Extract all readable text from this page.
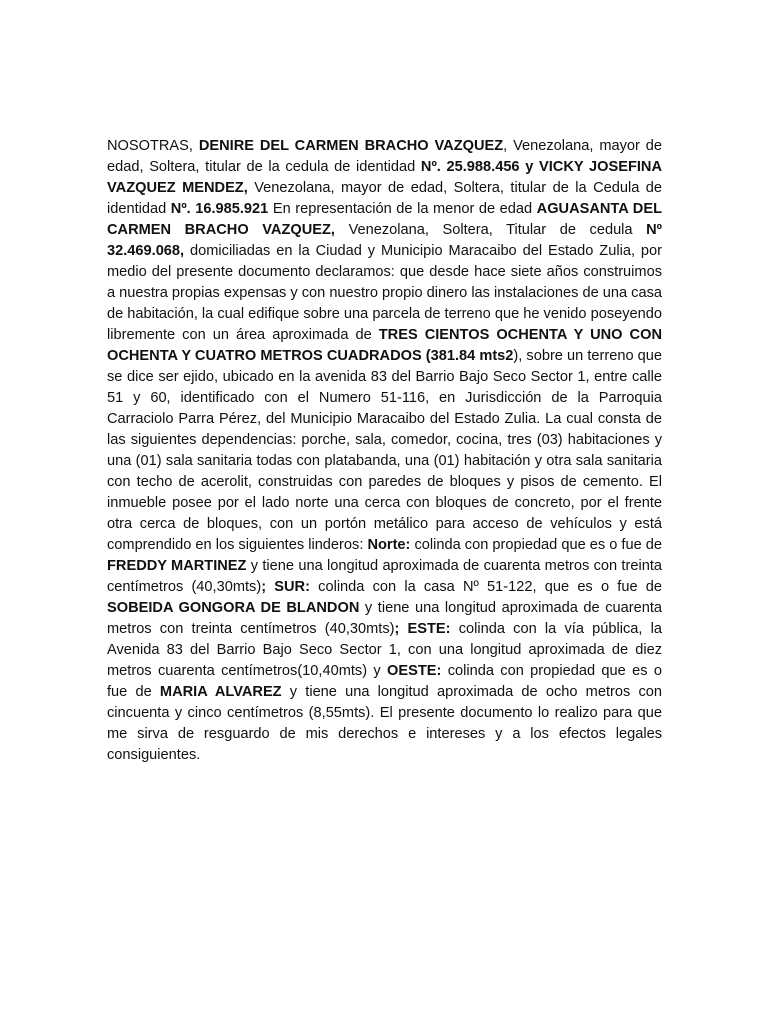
NOSOTRAS, DENIRE DEL CARMEN BRACHO VAZQUEZ, Venezolana, mayor de edad, Soltera, titular de la cedula de identidad Nº. 25.988.456 y VICKY JOSEFINA VAZQUEZ MENDEZ, Venezolana, mayor de edad, Soltera, titular de la Cedula de identidad Nº. 16.985.921 En representación de la menor de edad AGUASANTA DEL CARMEN BRACHO VAZQUEZ, Venezolana, Soltera, Titular de cedula Nº 32.469.068, domiciliadas en la Ciudad y Municipio Maracaibo del Estado Zulia, por medio del presente documento declaramos: que desde hace siete años construimos a nuestra propias expensas y con nuestro propio dinero las instalaciones de una casa de habitación, la cual edifique sobre una parcela de terreno que he venido poseyendo libremente con un área aproximada de TRES CIENTOS OCHENTA Y UNO CON OCHENTA Y CUATRO METROS CUADRADOS (381.84 mts2), sobre un terreno que se dice ser ejido, ubicado en la avenida 83 del Barrio Bajo Seco Sector 1, entre calle 51 y 60, identificado con el Numero 51-116, en Jurisdicción de la Parroquia Carraciolo Parra Pérez, del Municipio Maracaibo del Estado Zulia. La cual consta de las siguientes dependencias: porche, sala, comedor, cocina, tres (03) habitaciones y una (01) sala sanitaria todas con platabanda, una (01) habitación y otra sala sanitaria con techo de acerolit, construidas con paredes de bloques y pisos de cemento. El inmueble posee por el lado norte una cerca con bloques de concreto, por el frente otra cerca de bloques, con un portón metálico para acceso de vehículos y está comprendido en los siguientes linderos: Norte: colinda con propiedad que es o fue de FREDDY MARTINEZ y tiene una longitud aproximada de cuarenta metros con treinta centímetros (40,30mts); SUR: colinda con la casa Nº 51-122, que es o fue de SOBEIDA GONGORA DE BLANDON y tiene una longitud aproximada de cuarenta metros con treinta centímetros (40,30mts); ESTE: colinda con la vía pública, la Avenida 83 del Barrio Bajo Seco Sector 1, con una longitud aproximada de diez metros cuarenta centímetros(10,40mts) y OESTE: colinda con propiedad que es o fue de MARIA ALVAREZ y tiene una longitud aproximada de ocho metros con cincuenta y cinco centímetros (8,55mts). El presente documento lo realizo para que me sirva de resguardo de mis derechos e intereses y a los efectos legales consiguientes.
